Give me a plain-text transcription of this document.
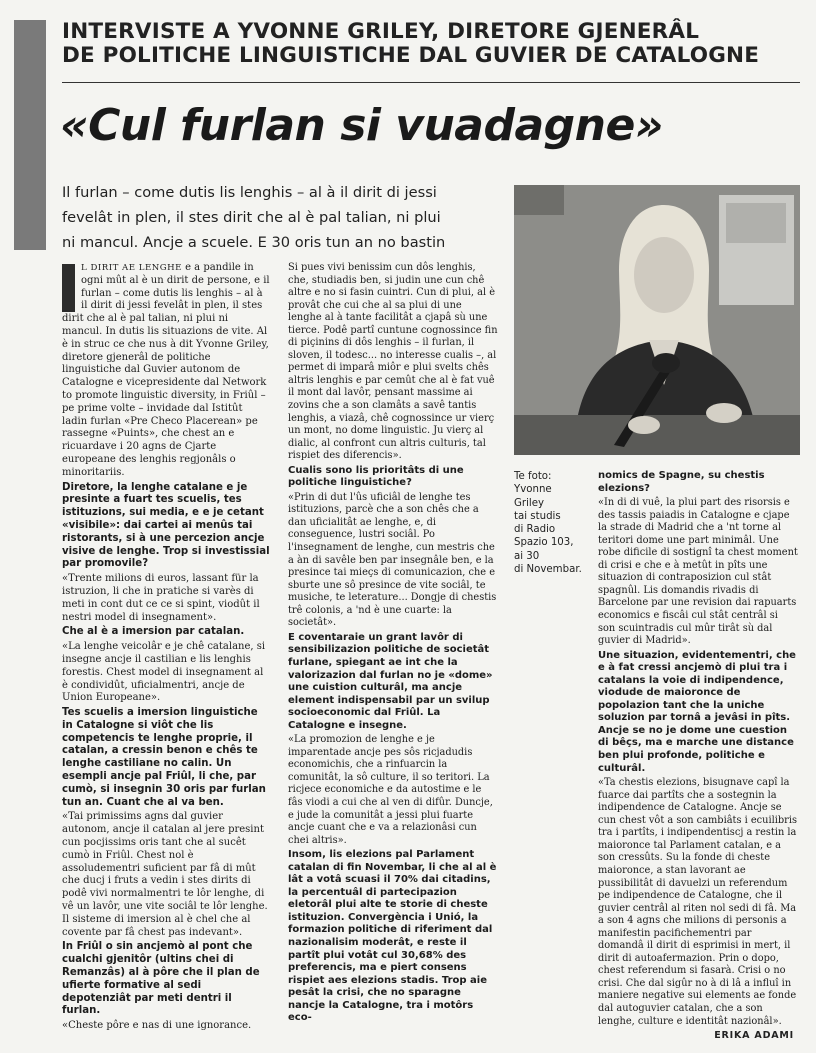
INTERVISTE A YVONNE GRILEY, DIRETORE GJENERÂL
DE POLITICHE LINGUISTICHE DAL GUVIER DE CATALOGNE
«Cul furlan si vuadagne»
Il furlan – come dutis lis lenghis – al à il dirit di jessi
fevelât in plen, il stes dirit che al è pal talian, ni plui
ni mancul. Ancje a scuele. E 30 oris tun an no bastin

L DIRIT AE LENGHE e a pandile in ogni mût al è un dirit de persone, e il furlan – come dutis lis lenghis – al à il dirit di jessi fevelât in plen, il stes dirit che al è pal talian, ni plui ni mancul. In dutis lis situazions de vite. Al è in struc ce che nus à dit Yvonne Griley, diretore gjenerâl de politiche linguistiche dal Guvier autonom de Catalogne e vicepresidente dal Network to promote linguistic diversity, in Friûl – pe prime volte – invidade dal Istitût ladin furlan «Pre Checo Placerean» pe rassegne «Puints», che chest an e ricuardave i 20 agns de Cjarte europeane des lenghis regjonâls o minoritariis.

Diretore, la lenghe catalane e je presinte a fuart tes scuelis, tes istituzions, sui media, e e je cetant «visibile»: dai cartei ai menûs tai ristorants, si à une percezion ancje visive de lenghe. Trop si investissial par promovile?

«Trente milions di euros, lassant für la istruzion, li che in pratiche si varès di meti in cont dut ce ce si spint, viodût il nestri model di insegnament».

Che al è a imersion par catalan.

«La lenghe veicolâr e je chê catalane, si insegne ancje il castilian e lis lenghis forestis. Chest model di insegnament al è condividût, uficialmentri, ancje de Union Europeane».

Tes scuelis a imersion linguistiche in Catalogne si viôt che lis competencis te lenghe proprie, il catalan, a cressin benon e chês te lenghe castiliane no calin. Un esempli ancje pal Friûl, li che, par cumò, si insegnin 30 oris par furlan tun an. Cuant che al va ben.

«Tai primissims agns dal guvier autonom, ancje il catalan al jere presint cun pocjissims oris tant che al sucêt cumò in Friûl. Chest nol è assoludementri suficient par fâ di mût che ducj i fruts a vedin i stes dirits di podê vivi normalmentri te lôr lenghe, di vê un lavôr, une vite sociâl te lôr lenghe. Il sisteme di imersion al è chel che al covente par fâ chest pas indevant».

In Friûl o sin ancjemò al pont che cualchi gjenitôr (ultins chei di Remanzâs) al à pôre che il plan de ufierte formative al sedi depotenziât par meti dentri il furlan.

«Cheste pôre e nas di une ignorance.

Si pues vivi benissim cun dôs lenghis, che, studiadis ben, si judin une cun chê altre e no si fasin cuintri. Cun di plui, al è provât che cui che al sa plui di une lenghe al à tante facilitât a cjapâ sù une tierce. Podê partî cuntune cognossince fin di piçinins di dôs lenghis – il furlan, il sloven, il todesc... no interesse cualis –, al permet di imparâ miôr e plui svelts chês altris lenghis e par cemût che al è fat vuê il mont dal lavôr, pensant massime ai zovins che a son clamâts a savê tantis lenghis, a viazâ, chê cognossince ur vierç un mont, no dome linguistic. Ju vierç al dialic, al confront cun altris culturis, tal rispiet des diferencis».

Cualis sono lis prioritâts di une politiche linguistiche?

«Prin di dut l'ûs uficiâl de lenghe tes istituzions, parcè che a son chês che a dan uficialitât ae lenghe, e, di conseguence, lustri sociâl. Po l'insegnament de lenghe, cun mestris che a àn di savêle ben par insegnâle ben, e la presince tai mieçs di comunicazion, che e sburte une sô presince de vite sociâl, te musiche, te leterature... Dongje di chestis trê colonis, a 'nd è une cuarte: la societât».

E coventaraie un grant lavôr di sensibilizazion politiche de societât furlane, spiegant ae int che la valorizazion dal furlan no je «dome» une cuistion culturâl, ma ancje element indispensabil par un svilup socioeconomic dal Friûl. La Catalogne e insegne.

«La promozion de lenghe e je imparentade ancje pes sôs ricjadudis economichis, che a rinfuarcin la comunitât, la sô culture, il so teritori. La ricjece economiche e da autostime e le fâs viodi a cui che al ven di difûr. Duncje, e jude la comunitât a jessi plui fuarte ancje cuant che e va a relazionâsi cun chei altris».

Insom, lis elezions pal Parlament catalan di fin Novembar, li che al al è lât a votâ scuasi il 70% dai citadins, la percentuâl di partecipazion eletorâl plui alte te storie di cheste istituzion. Convergència i Unió, la formazion politiche di riferiment dal nazionalisim moderât, e reste il partît plui votât cul 30,68% des preferencis, ma e piert consens rispiet aes elezions stadis. Trop aie pesât la crisi, che no sparagne nancje la Catalogne, tra i motôrs eco-

Te foto:
Yvonne
Griley
tai studis
di Radio
Spazio 103,
ai 30
di Novembar.

nomics de Spagne, su chestis elezions?

«In di di vuê, la plui part des risorsis e des tassis paiadis in Catalogne e cjape la strade di Madrid che a 'nt torne al teritori dome une part minimâl. Une robe dificile di sostignî ta chest moment di crisi e che e à metût in pîts une situazion di contraposizion cul stât spagnûl. Lis domandis rivadis di Barcelone par une revision dai rapuarts economics e fiscâi cul stât centrâl si son scuintradis cul mûr tirât sù dal guvier di Madrid».

Une situazion, evidentementri, che e à fat cressi ancjemò di plui tra i catalans la voie di indipendence, viodude de maioronce de popolazion tant che la uniche soluzion par tornâ a jevâsi in pîts. Ancje se no je dome une cuestion di bêçs, ma e marche une distance ben plui profonde, politiche e culturâl.

«Ta chestis elezions, bisugnave capî la fuarce dai partîts che a sostegnin la indipendence de Catalogne. Ancje se cun chest vôt a son cambiâts i ecuilibris tra i partîts, i indipendentiscj a restin la maioronce tal Parlament catalan, e a son cressûts. Su la fonde di cheste maioronce, a stan lavorant ae pussibilitât di davuelzi un referendum pe indipendence de Catalogne, che il guvier centrâl al riten nol sedi di fâ. Ma a son 4 agns che milions di personis a manifestin pacifichementri par domandâ il dirit di esprimisi in mert, il dirit di autoafermazion. Prin o dopo, chest referendum si fasarà. Crisi o no crisi. Che dal sigûr no à di lâ a influî in maniere negative sui elements ae fonde dal autoguvier catalan, che a son lenghe, culture e identitât nazionâl».

ERIKA ADAMI
